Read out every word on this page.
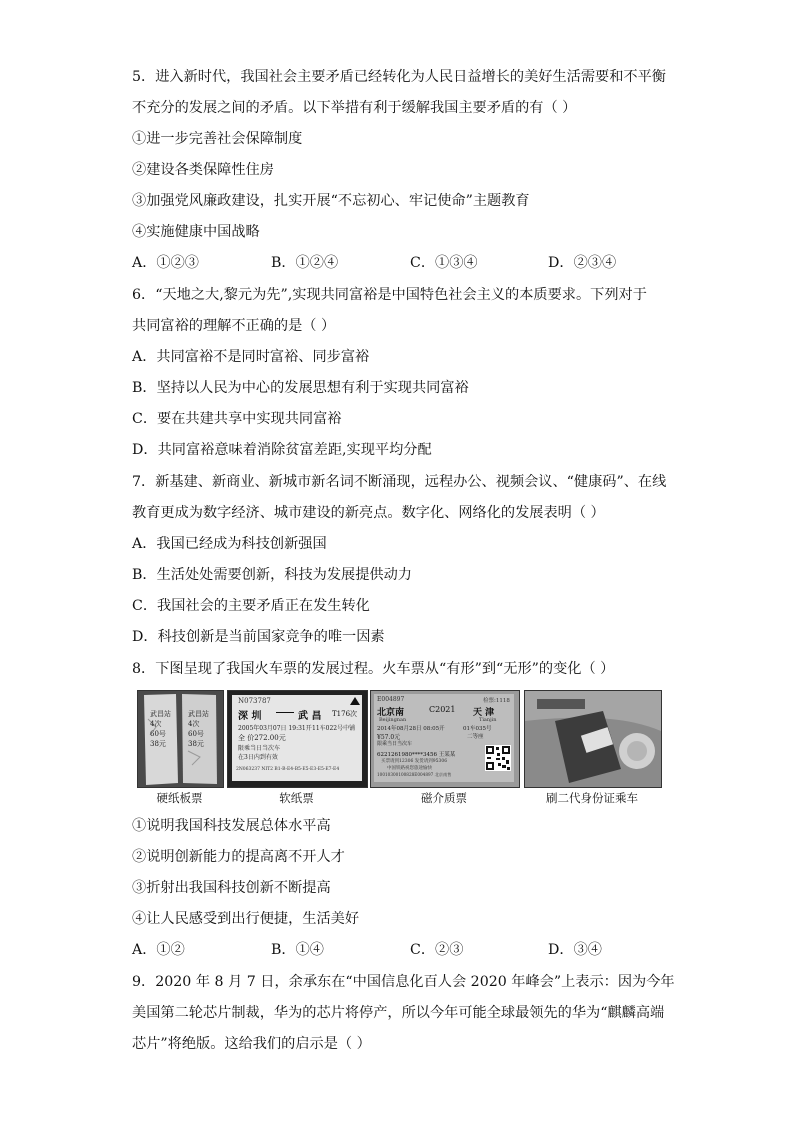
5．进入新时代，我国社会主要矛盾已经转化为人民日益增长的美好生活需要和不平衡
不充分的发展之间的矛盾。以下举措有利于缓解我国主要矛盾的有（ ）
①进一步完善社会保障制度
②建设各类保障性住房
③加强党风廉政建设，扎实开展“不忘初心、牢记使命”主题教育
④实施健康中国战略
A．①②③	B．①②④	C．①③④	D．②③④
6．“天地之大,黎元为先”,实现共同富裕是中国特色社会主义的本质要求。下列对于
共同富裕的理解不正确的是（ ）
A．共同富裕不是同时富裕、同步富裕
B．坚持以人民为中心的发展思想有利于实现共同富裕
C．要在共建共享中实现共同富裕
D．共同富裕意味着消除贫富差距,实现平均分配
7．新基建、新商业、新城市新名词不断涌现，远程办公、视频会议、“健康码”、在线
教育更成为数字经济、城市建设的新亮点。数字化、网络化的发展表明（ ）
A．我国已经成为科技创新强国
B．生活处处需要创新，科技为发展提供动力
C．我国社会的主要矛盾正在发生转化
D．科技创新是当前国家竞争的唯一因素
8．下图呈现了我国火车票的发展过程。火车票从“有形”到“无形”的变化（ ）
武昌站
4次
60号
38元
武昌站
4次
60号
38元
N073787
深 圳	武 昌 T176次
2005年03月07日 19:31开 11车022号中铺
全 价272.00元
限乘当日当次车
在3日内到有效
2N063237 NIT2 B1-B-E4-B5-E5-E3-E5-E7-E4
E004897	检票:1118
北京南	C2021 天 津
Beijingnan	Tianjin
2014年08月28日 08:05开	01车035号
¥57.0元	二等座
限乘当日当次车
6221261980****3456 王某某
买票请到12306 发货请到95306
中国铁路祝您旅途愉快
10010300100828E004897 北京南售
硬纸板票	软纸票	磁介质票	刷二代身份证乘车
①说明我国科技发展总体水平高
②说明创新能力的提高离不开人才
③折射出我国科技创新不断提高
④让人民感受到出行便捷，生活美好
A．①②	B．①④	C．②③	D．③④
9．2020 年 8 月 7 日，余承东在“中国信息化百人会 2020 年峰会”上表示：因为今年
美国第二轮芯片制裁，华为的芯片将停产，所以今年可能全球最领先的华为“麒麟高端
芯片”将绝版。这给我们的启示是（ ）
